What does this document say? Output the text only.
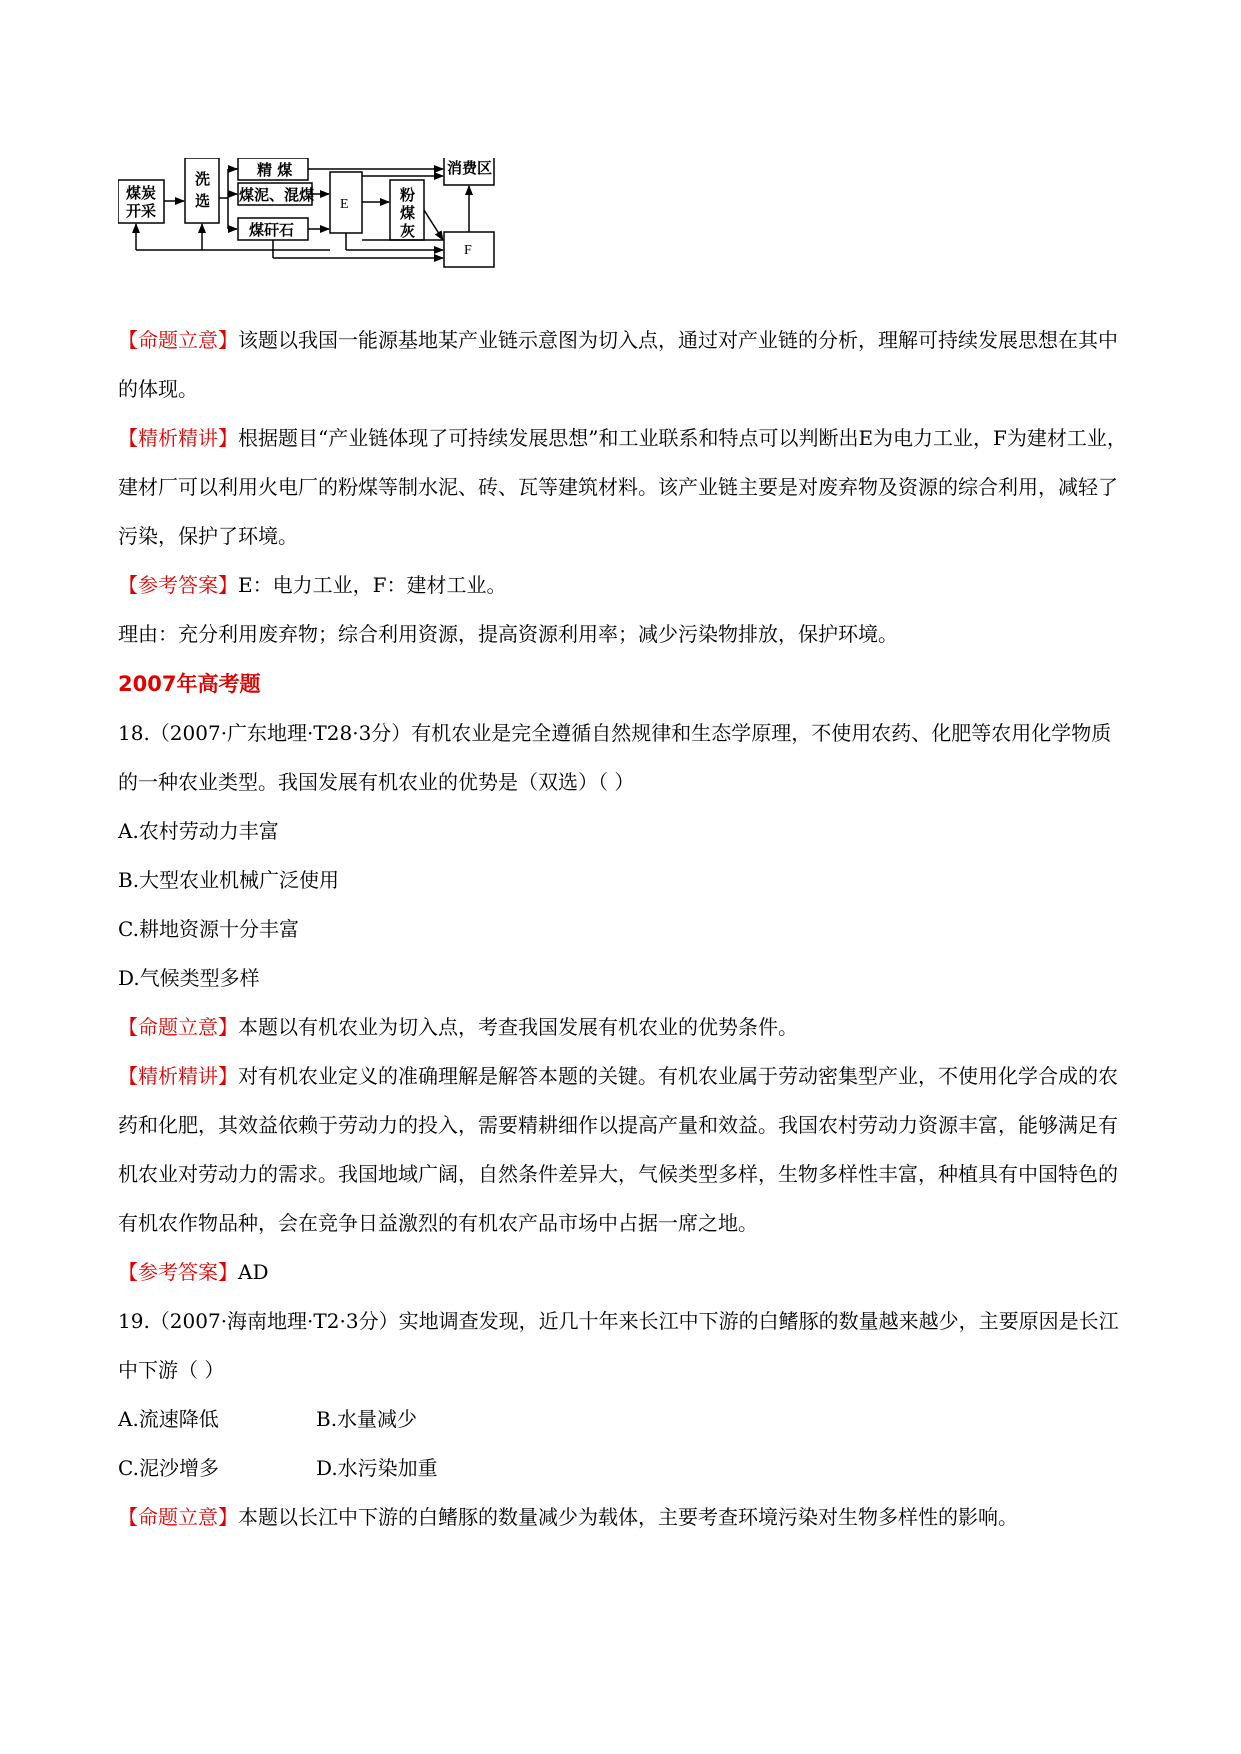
煤炭
开采
洗
选
精 煤
煤泥、混煤
煤矸石
E
粉
煤
灰
消费区
F

【命题立意】该题以我国一能源基地某产业链示意图为切入点，通过对产业链的分析，理解可持续发展思想在其中的体现。

【精析精讲】根据题目“产业链体现了可持续发展思想”和工业联系和特点可以判断出E为电力工业，F为建材工业，建材厂可以利用火电厂的粉煤等制水泥、砖、瓦等建筑材料。该产业链主要是对废弃物及资源的综合利用，减轻了污染，保护了环境。

【参考答案】E：电力工业，F：建材工业。

理由：充分利用废弃物；综合利用资源，提高资源利用率；减少污染物排放，保护环境。

2007年高考题

18.（2007·广东地理·T28·3分）有机农业是完全遵循自然规律和生态学原理，不使用农药、化肥等农用化学物质的一种农业类型。我国发展有机农业的优势是（双选）（ ）

A.农村劳动力丰富

B.大型农业机械广泛使用

C.耕地资源十分丰富

D.气候类型多样

【命题立意】本题以有机农业为切入点，考查我国发展有机农业的优势条件。

【精析精讲】对有机农业定义的准确理解是解答本题的关键。有机农业属于劳动密集型产业，不使用化学合成的农药和化肥，其效益依赖于劳动力的投入，需要精耕细作以提高产量和效益。我国农村劳动力资源丰富，能够满足有机农业对劳动力的需求。我国地域广阔，自然条件差异大，气候类型多样，生物多样性丰富，种植具有中国特色的有机农作物品种，会在竞争日益激烈的有机农产品市场中占据一席之地。

【参考答案】AD

19.（2007·海南地理·T2·3分）实地调查发现，近几十年来长江中下游的白鳍豚的数量越来越少，主要原因是长江中下游（ ）

A.流速降低	B.水量减少
C.泥沙增多	D.水污染加重

【命题立意】本题以长江中下游的白鳍豚的数量减少为载体，主要考查环境污染对生物多样性的影响。
